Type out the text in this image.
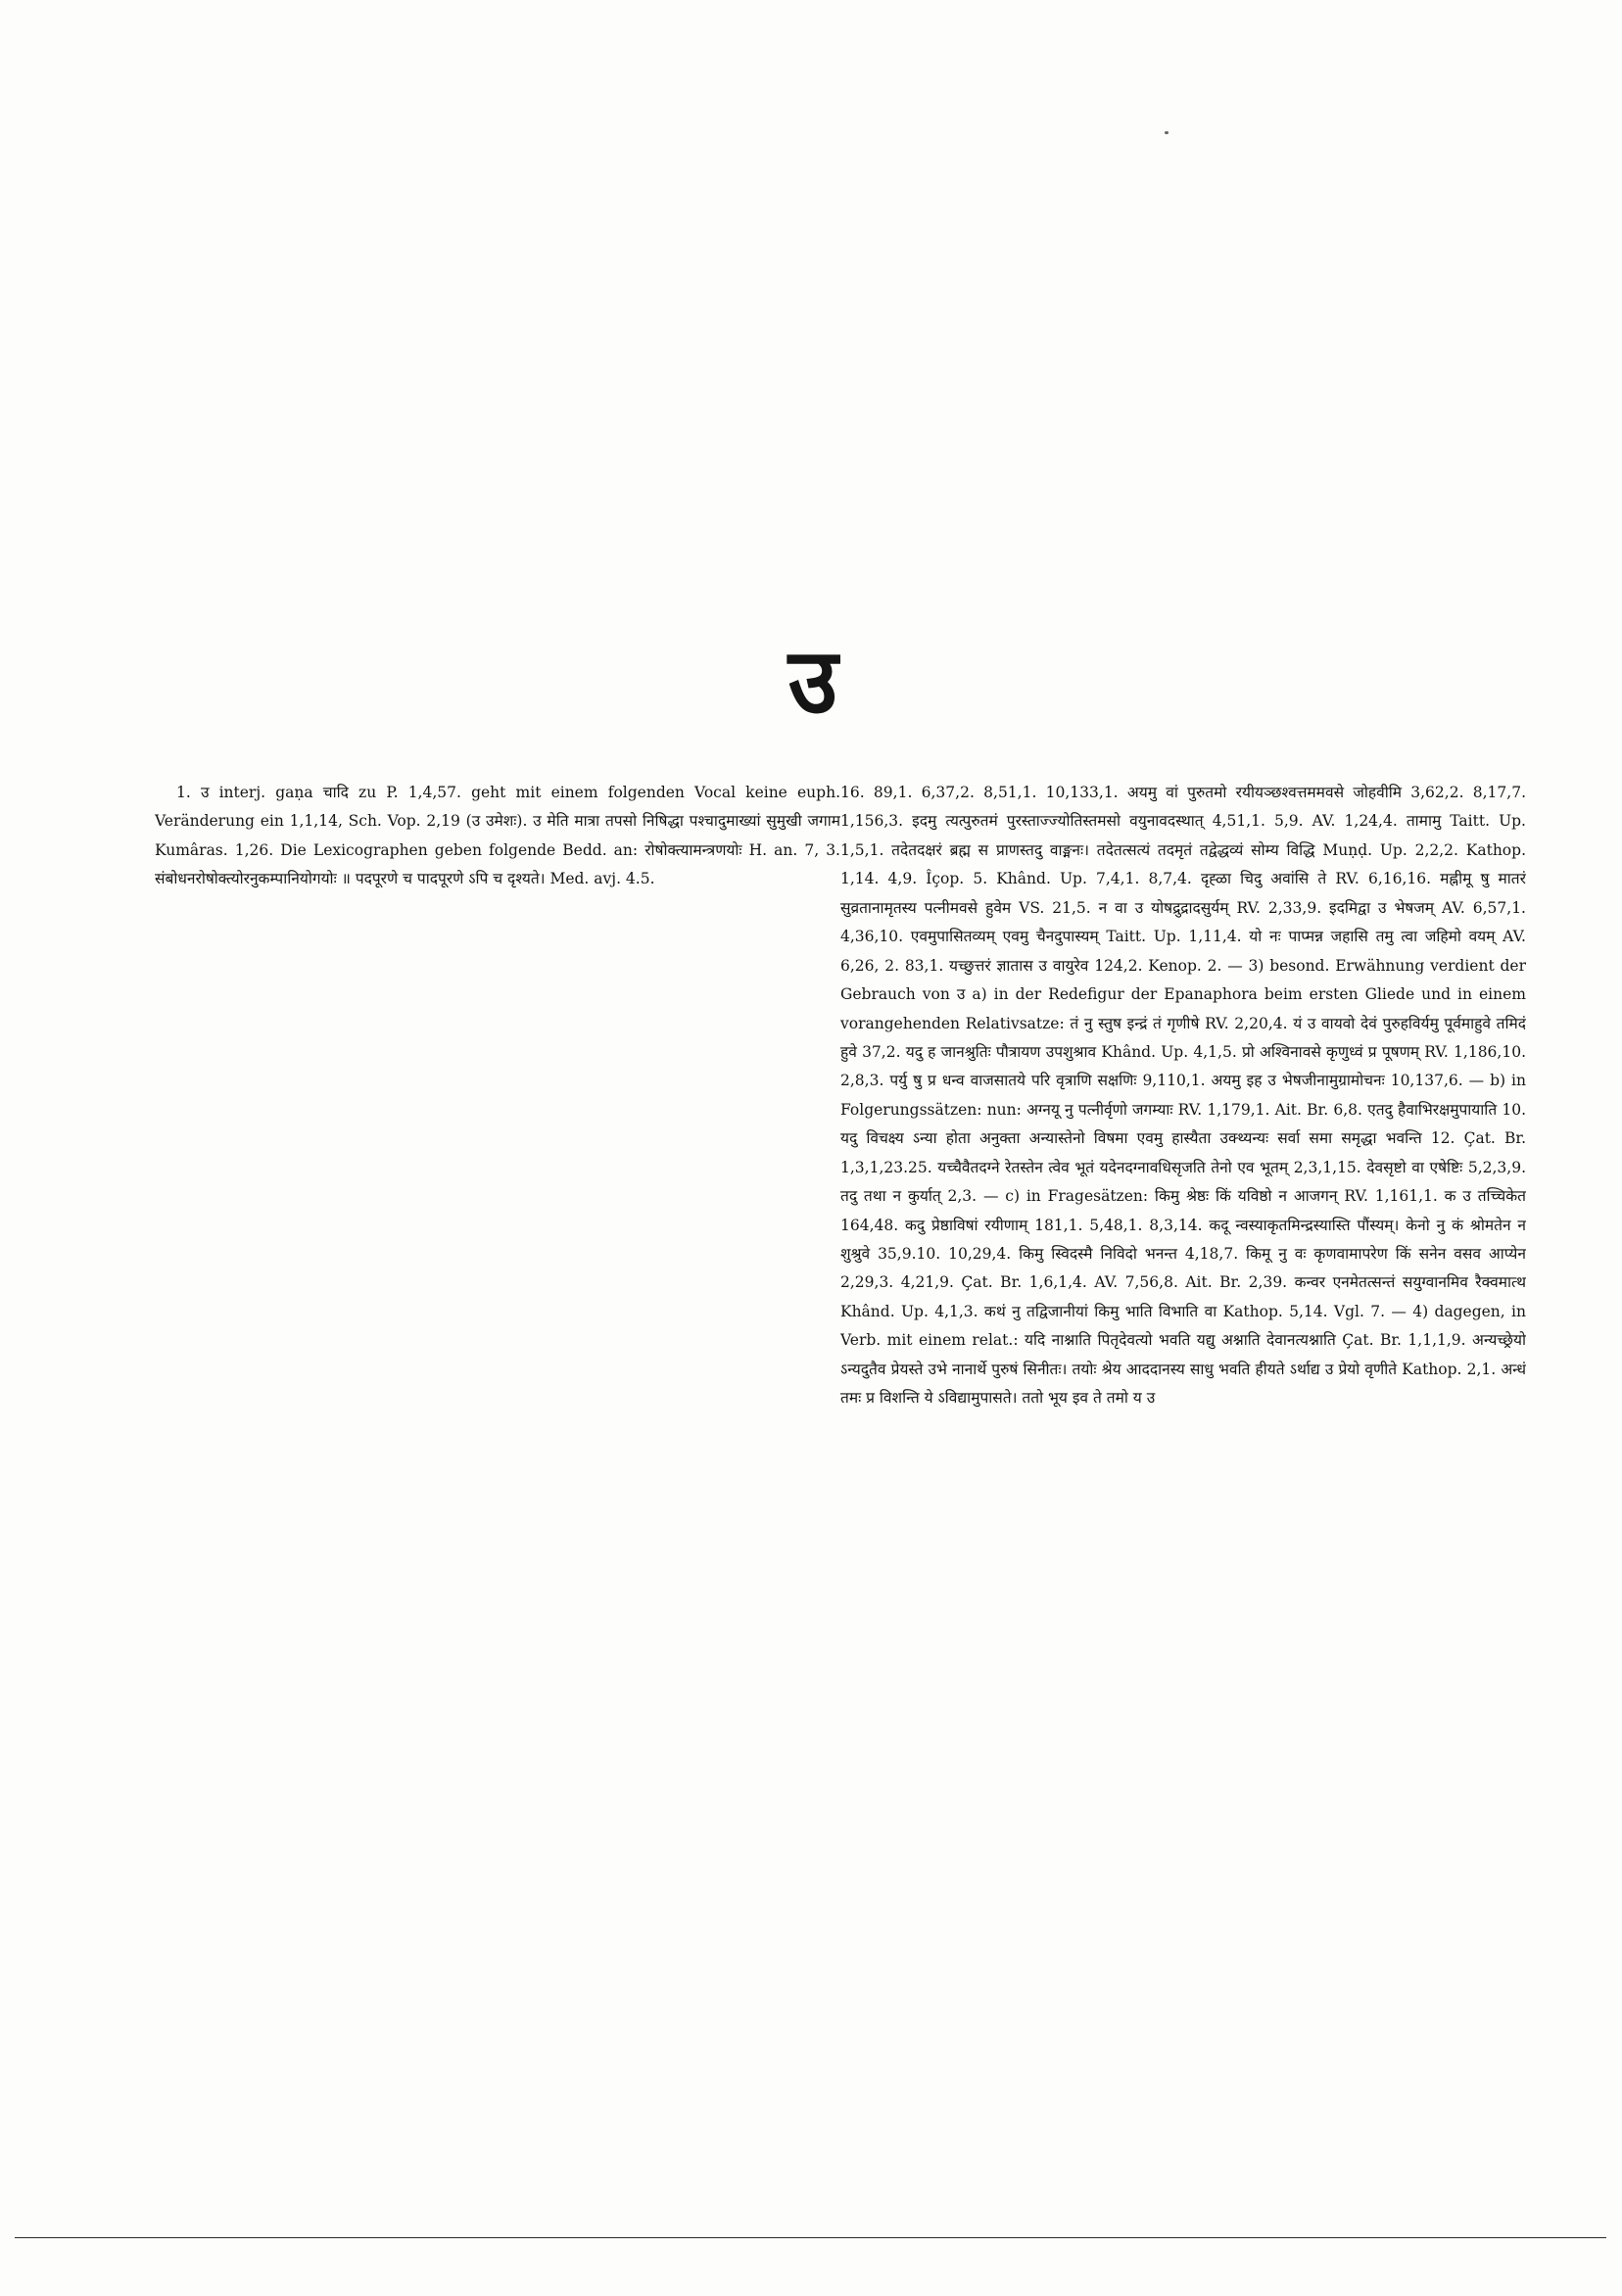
उ

1. उ interj. gaṇa चादि zu P. 1,4,57. geht mit einem folgenden Vocal keine euph. Veränderung ein 1,1,14, Sch. Vop. 2,19 (उ उमेशः). उ मेति मात्रा तपसो निषिद्धा पश्चादुमाख्यां सुमुखी जगाम Kumâras. 1,26. Die Lexicographen geben folgende Bedd. an: रोषोक्त्यामन्त्रणयोः H. an. 7, 3. संबोधनरोषोक्त्योरनुकम्पानियोगयोः ॥ पदपूरणे च पादपूरणे ऽपि च दृश्यते। Med. avj. 4.5.

16. 89,1. 6,37,2. 8,51,1. 10,133,1. अयमु वां पुरुतमो रयीयञ्छश्वत्तममवसे जोहवीमि 3,62,2. 8,17,7. 1,156,3. इदमु त्यत्पुरुतमं पुरस्ताज्ज्योतिस्तमसो वयुनावदस्थात् 4,51,1. 5,9. AV. 1,24,4. तामामु Taitt. Up. 1,5,1. तदेतदक्षरं ब्रह्म स प्राणस्तदु वाङ्मनः। तदेतत्सत्यं तदमृतं तद्वेद्धव्यं सोम्य विद्धि Muṇḍ. Up. 2,2,2. Kathop. 1,14. 4,9. Îçop. 5. Khând. Up. 7,4,1. 8,7,4. दृह्ळा चिदु अवांसि ते RV. 6,16,16. मह्नीमू षु मातरं सुव्रतानामृतस्य पत्नीमवसे हुवेम VS. 21,5. न वा उ योषद्रुद्रादसुर्यम् RV. 2,33,9. इदमिद्वा उ भेषजम् AV. 6,57,1. 4,36,10. एवमुपासितव्यम् एवमु चैनदुपास्यम् Taitt. Up. 1,11,4. यो नः पाप्मन्न जहासि तमु त्वा जहिमो वयम् AV. 6,26, 2. 83,1. यच्छुत्तरं ज्ञातास उ वायुरेव 124,2. Kenop. 2. — 3) besond. Erwähnung verdient der Gebrauch von उ a) in der Redefigur der Epanaphora beim ersten Gliede und in einem vorangehenden Relativsatze: तं नु स्तुष इन्द्रं तं गृणीषे RV. 2,20,4. यं उ वायवो देवं पुरुहविर्यमु पूर्वमाहुवे तमिदं हुवे 37,2. यदु ह जानश्रुतिः पौत्रायण उपशुश्राव Khând. Up. 4,1,5. प्रो अश्विनावसे कृणुध्वं प्र पूषणम् RV. 1,186,10. 2,8,3. पर्यु षु प्र धन्व वाजसातये परि वृत्राणि सक्षणिः 9,110,1. अयमु इह उ भेषजीनामुग्रामोचनः 10,137,6. — b) in Folgerungssätzen: nun: अग्नयू नु पत्नीर्वृणो जगम्याः RV. 1,179,1. Ait. Br. 6,8. एतदु हैवाभिरक्षमुपायाति 10. यदु विचक्ष्य ऽन्या होता अनुक्ता अन्यास्तेनो विषमा एवमु हास्यैता उक्थ्यन्यः सर्वा समा समृद्धा भवन्ति 12. Çat. Br. 1,3,1,23.25. यच्चैवैतदग्ने रेतस्तेन त्वेव भूतं यदेनदग्नावधिसृजति तेनो एव भूतम् 2,3,1,15. देवसृष्टो वा एषेष्टिः 5,2,3,9. तदु तथा न कुर्यात् 2,3. — c) in Fragesätzen: किमु श्रेष्ठः किं यविष्ठो न आजगन् RV. 1,161,1. क उ तच्चिकेत 164,48. कदु प्रेष्ठाविषां रयीणाम् 181,1. 5,48,1. 8,3,14. कदू न्वस्याकृतमिन्द्रस्यास्ति पौंस्यम्। केनो नु कं श्रोमतेन न शुश्रुवे 35,9.10. 10,29,4. किमु स्विदस्मै निविदो भनन्त 4,18,7. किमू नु वः कृणवामापरेण किं सनेन वसव आप्येन 2,29,3. 4,21,9. Çat. Br. 1,6,1,4. AV. 7,56,8. Ait. Br. 2,39. कन्वर एनमेतत्सन्तं सयुग्वानमिव रैक्वमात्थ Khând. Up. 4,1,3. कथं नु तद्विजानीयां किमु भाति विभाति वा Kathop. 5,14. Vgl. 7. — 4) dagegen, in Verb. mit einem relat.: यदि नाश्नाति पितृदेवत्यो भवति यद्यु अश्नाति देवानत्यश्नाति Çat. Br. 1,1,1,9. अन्यच्छ्रेयो ऽन्यदुतैव प्रेयस्ते उभे नानार्थे पुरुषं सिनीतः। तयोः श्रेय आददानस्य साधु भवति हीयते ऽर्थाद्य उ प्रेयो वृणीते Kathop. 2,1. अन्धं तमः प्र विशन्ति ये ऽविद्यामुपासते। ततो भूय इव ते तमो य उ
